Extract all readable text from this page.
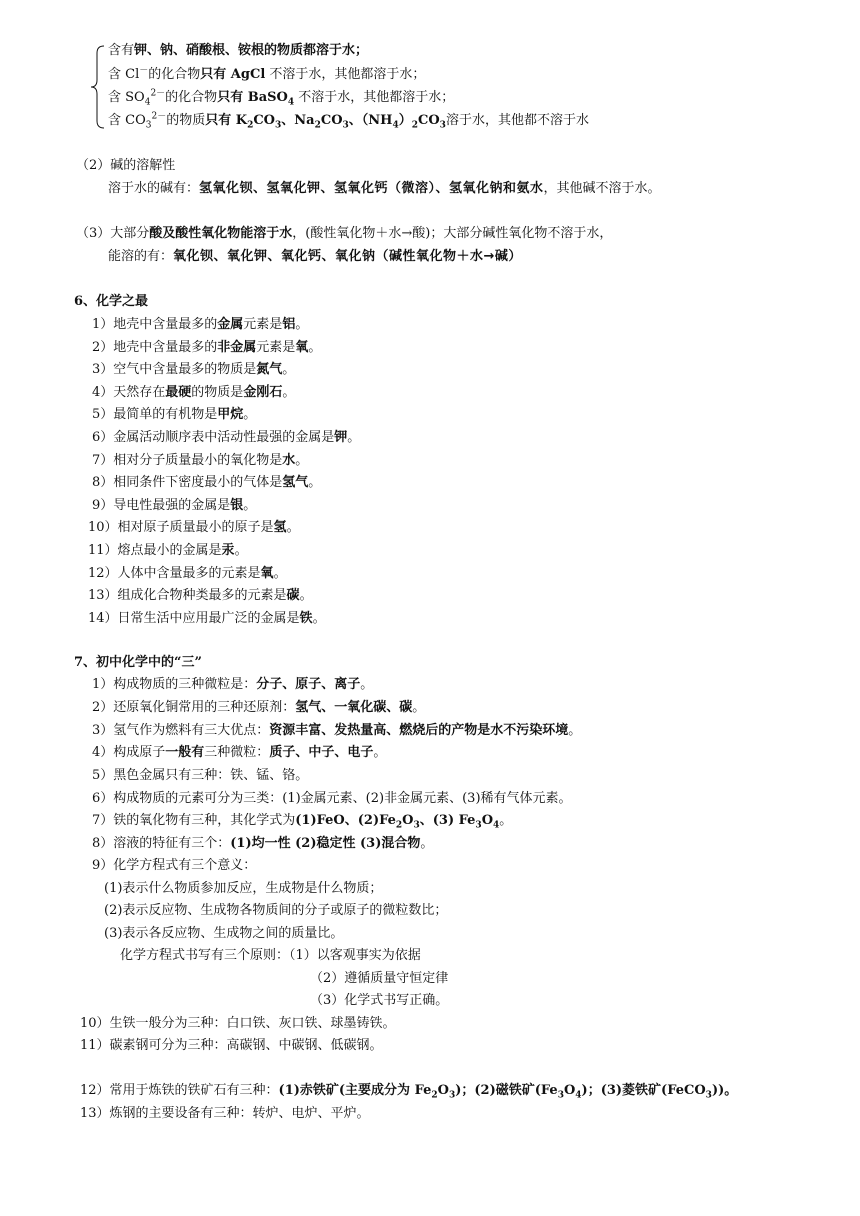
含有钾、钠、硝酸根、铵根的物质都溶于水；
含 Cl－的化合物只有 AgCl 不溶于水，其他都溶于水；
含 $SO_4^{2-}$的化合物只有 BaSO$_4$ 不溶于水，其他都溶于水；
含 $CO_3^{2-}$的物质只有 $K_2CO_3$、$Na_2CO_3$、$(NH_4)_2CO_3$溶于水，其他都不溶于水
（2）碱的溶解性
溶于水的碱有：氢氧化钡、氢氧化钾、氢氧化钙（微溶）、氢氧化钠和氨水，其他碱不溶于水。
（3）大部分酸及酸性氧化物能溶于水，(酸性氧化物＋水→酸)；大部分碱性氧化物不溶于水，
能溶的有：氧化钡、氧化钾、氧化钙、氧化钠（碱性氧化物＋水→碱）
6、化学之最
1）地壳中含量最多的金属元素是铝。
2）地壳中含量最多的非金属元素是氧。
3）空气中含量最多的物质是氮气。
4）天然存在最硬的物质是金刚石。
5）最简单的有机物是甲烷。
6）金属活动顺序表中活动性最强的金属是钾。
7）相对分子质量最小的氧化物是水。
8）相同条件下密度最小的气体是氢气。
9）导电性最强的金属是银。
10）相对原子质量最小的原子是氢。
11）熔点最小的金属是汞。
12）人体中含量最多的元素是氧。
13）组成化合物种类最多的元素是碳。
14）日常生活中应用最广泛的金属是铁。
7、初中化学中的“三”
1）构成物质的三种微粒是：分子、原子、离子。
2）还原氧化铜常用的三种还原剂：氢气、一氧化碳、碳。
3）氢气作为燃料有三大优点：资源丰富、发热量高、燃烧后的产物是水不污染环境。
4）构成原子一般有三种微粒：质子、中子、电子。
5）黑色金属只有三种：铁、锰、铬。
6）构成物质的元素可分为三类：(1)金属元素、(2)非金属元素、(3)稀有气体元素。
7）铁的氧化物有三种，其化学式为(1)FeO、$(2)Fe_2O_3$、(3) $Fe_3O_4$。
8）溶液的特征有三个：(1)均一性 (2)稳定性 (3)混合物。
9）化学方程式有三个意义：
(1)表示什么物质参加反应，生成物是什么物质；
(2)表示反应物、生成物各物质间的分子或原子的微粒数比；
(3)表示各反应物、生成物之间的质量比。
化学方程式书写有三个原则：（1）以客观事实为依据
（2）遵循质量守恒定律
（3）化学式书写正确。
10）生铁一般分为三种：白口铁、灰口铁、球墨铸铁。
11）碳素钢可分为三种：高碳钢、中碳钢、低碳钢。
12）常用于炼铁的铁矿石有三种：(1)赤铁矿(主要成分为 $Fe_2O_3$)；(2)磁铁矿$(Fe_3O_4)$；(3)菱铁矿(FeCO$_3$))。
13）炼钢的主要设备有三种：转炉、电炉、平炉。
